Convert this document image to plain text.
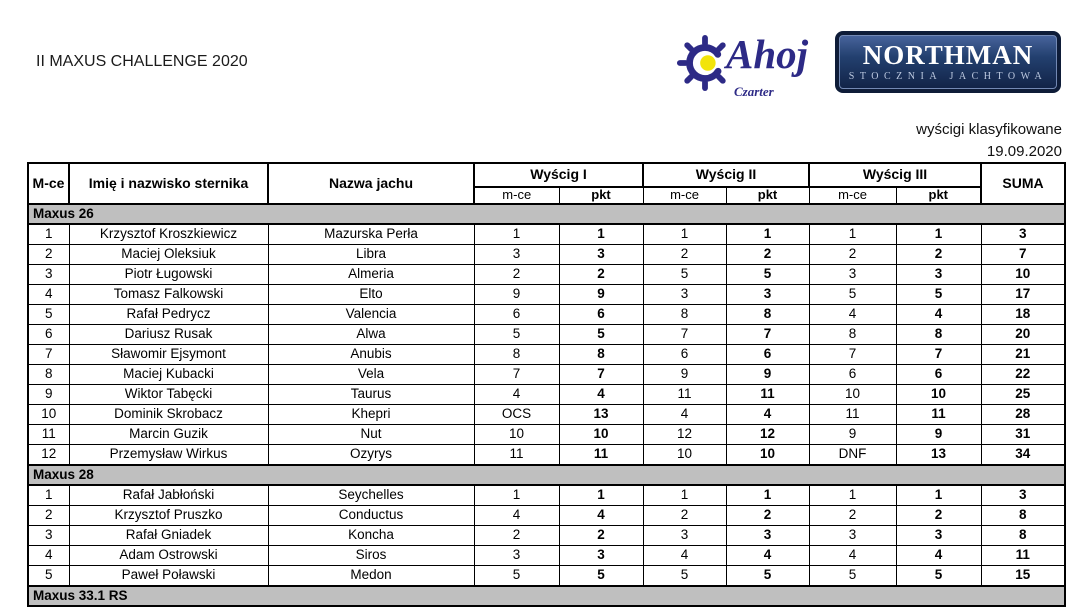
II MAXUS CHALLENGE 2020	Ahoj
Czarter
NORTHMAN
STOCZNIA JACHTOWA
wyścigi klasyfikowane
19.09.2020
M-ce	Imię i nazwisko sternika	Nazwa jachu	Wyścig I		Wyścig II		Wyścig III		SUMA
			m-ce	pkt	m-ce	pkt	m-ce	pkt	
Maxus 26									
1	Krzysztof Kroszkiewicz	Mazurska Perła	1	1	1	1	1	1	3
2	Maciej Oleksiuk	Libra	3	3	2	2	2	2	7
3	Piotr Ługowski	Almeria	2	2	5	5	3	3	10
4	Tomasz Falkowski	Elto	9	9	3	3	5	5	17
5	Rafał Pedrycz	Valencia	6	6	8	8	4	4	18
6	Dariusz Rusak	Alwa	5	5	7	7	8	8	20
7	Sławomir Ejsymont	Anubis	8	8	6	6	7	7	21
8	Maciej Kubacki	Vela	7	7	9	9	6	6	22
9	Wiktor Tabęcki	Taurus	4	4	11	11	10	10	25
10	Dominik Skrobacz	Khepri	OCS	13	4	4	11	11	28
11	Marcin Guzik	Nut	10	10	12	12	9	9	31
12	Przemysław Wirkus	Ozyrys	11	11	10	10	DNF	13	34
Maxus 28									
1	Rafał Jabłoński	Seychelles	1	1	1	1	1	1	3
2	Krzysztof Pruszko	Conductus	4	4	2	2	2	2	8
3	Rafał Gniadek	Koncha	2	2	3	3	3	3	8
4	Adam Ostrowski	Siros	3	3	4	4	4	4	11
5	Paweł Poławski	Medon	5	5	5	5	5	5	15
Maxus 33.1 RS									
